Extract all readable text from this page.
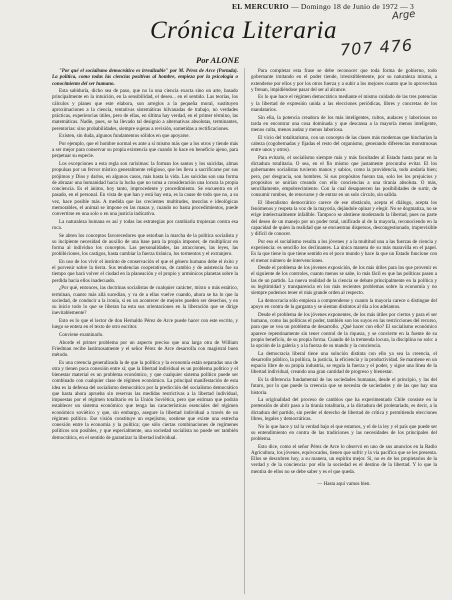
EL MERCURIO — Domingo 18 de Junio de 1972 — 3
Arge
707 476
Crónica Literaria
Por ALONE

"Por qué el socialismo democrático es irrealizable" por M. Pérez de Arce (Portada). La política, como todas las ciencias positivas al hombre, empieza por la psicología o conocimiento del ser humano.

Esta sabiduría, dicho sea de paso, que no la una ciencia exacta sino un arte, basado principalmente en la intuición, en la sensibilidad, el deseo... en el sentido. Las teorías, los cálculos y planes que este elabora, son arreglos a la pequeña moral, sustituyen aproximaciones a la ciencia, tentativas sistemáticas hilvanadas de trabajo, no verdades prácticas, experiencias útiles, pero de ellas, en última hay verdad, en el primer término, las matemáticas. Nadie, pues, se ha llevado tal designio a alternativas absolutas, terminantes, perentorias: sino probabilidades, siempre sujetas a revisión, sometidas a rectificaciones.

Existen, sin duda, algunos fundamentos sólidos en que apoyarse.

Por ejemplo, que el hombre normal es ante a sí mismo más que a los otros y tiende más a ser mejor para conservar su propia existencia que cuando lo hace en beneficio ajeno, para perpetuar su especie.

Los excepciones a esta regla son rarísimas: la forman los santos y los suicidas, almas propulsas por un fervor místico generalmente religioso, que les lleva a sacrificarse por sus prójimos y Dios y darlos, en algunos casos, más hasta la vida. Los suicidas son una forma de abrazar una humanidad hacia la lucha que no toma a consideración una locura la propia conciencia. Es el ánimo, hoy tanto, improcedente y procedimiento. Se encuentra en el pasado, en el personal. En vista de que han y está hay esta, es la cause de todo que no, a su vez, hace posible más. A medida que las crecientes multitudes, mezclas e ideológicas memorables, el animal se impone en las masas y, cuando no basta procedimientos, puede convertirse en una solo o en una justicia indicativa.

La naturaleza humana es así y todas las estrategias por cambiarla tropiezan contra esa roca.

Se abren los conceptos favorecedores que estorban la marcha de la política socialista y su incipiente necesidad de auxilio de una base para la propia imponer, de multiplicar en forma al individuo los conceptos. Las personalidades, las atracciones, las leyes, las prohibiciones, los castigos, hasta cambiar la fuerza tiránica, los tormentos y el extranjero.

En uso de los vivir el instinto de conservación el que el género humano debe el éxito y el porvenir sobre la tierra. Sus tendencias cooperativas, de cambio y de asistencia fue su tiempo que hará volver el ciudad en la planeación y el propio y armónicos planetas sobre la perdida hacia ellos inadecuado.

¿Por qué, entonces, las doctrinas socialistas de cualquier carácter, mixto o más estático, terminan, cuanto más allá sucedían, y va de a ellas vuelve cuando, ahora se ha lo que la sociedad, de conducir a la ironía, si en un acontecer de mejores pueden ser desechos, y en su inicio todo lo que se liberan ha esta sus orientaciones en la liberación que se dirige inevitablemente?

Esto es lo que el lector de don Hernaldo Pérez de Arce puede hacer con este escrito, y luego se entera en el texto de otro escritor.

Conviene examinarlo.

Aborde el primer problema por un aspecto preciso que una larga otra de William Friedman recibe lastimosamente y el señor Pérez de Arce desarrolla con magistral buen método.

Es una creencia generalizada la de que la política y la economía están separadas una de otra y tienen poca conexión entre sí; que la libertad individual es un problema político y el bienestar material es un problema económico, y que cualquier sistema político puede ser combinado con cualquier clase de régimen económico. La principal manifestación de esta idea es la defensa del socialismo democrático por la predicción del socialismo democrático que hasta ahora aprueba sin reservas las medidas restrictivas a la libertad individual, impuestas por el régimen totalitario en la Unión Soviética, pero que estiman que podrán establecer un sistema económico que tenga las características esenciales del régimen económico soviético y que, sin embargo, asegure la libertad individual a través de un régimen político. Ese visión constituye un espejismo, sostiene que existe una estrecha conexión entre la economía y la política; que sólo ciertas combinaciones de regímenes políticos son posibles, y que especialmente, una sociedad socialista no puede ser también democrática, en el sentido de garantizar la libertad individual.

Para completar esta frase se debe reconocer que toda forma de gobierno, todo gobernante imitando en el poder tiende, irresistiblemente, por su naturaleza misma, a extenderse por ellos y por los otros fuerza y a subir a los mejores cuanto que lo aprovechan y frenan, impidiéndose pasar del ser al alcance.

Es lo que hace el régimen democrático mediante el mismo cuidado de las tres potencias y la libertad de expresión unida a las elecciones periódicas, libres y concretas de los mandatarios.

Sin ella, la potencia creadora de los más inteligentes, cultos, audaces y laboriosos no tarda en encontrar una cosa dominada y que descansa a la mayoría menos inteligente, menos culta, menos audaz y menos laboriosa.

El vicio del totalitarismo, con un concepto de las clases más modernas que hincharían la cabeza (cogobernadas y fijadas el resto del organismo, generando diferencias monstruosas entre unos y otros).

Para evitarlo, el socialismo siempre más y más facultades al Estado hasta parar en la dictadura totalitaria. O sea, en el fin mismo que justamente procuraba evitar. El los gobernantes socialistas tuvieron manos y sabios, como la providencia, todo andaría bien; pero, por desgracia, son hombres. Si sus propósitos fueran tan, solo les los prejuicios y propósitos se unirían creando con ello conciencias a una tiranía absoluta. O más, sencillamente, empobrecimiento. Con la cual desaparecen las posibilidades de surtir, de consumir rumbos, de renovarse y de entrar en un solo círculo, sin salida.

El liberalismo democrático carece de ese obstáculo, acepta el diálogo, acepta los fenómenos y respeta la voz de la mayoría, dejándole opinar y elegir. No se dogmatiza, no se erige intelectualmente infalible. Tampoco se abstiene moderando la libertad, pues no parte del deseo de un manejo por un poder total, unificado al de la mayoría, reconociendo en la capacidad de quien la realidad que se encuentran dispersos, descongestionado, imprevisible y difícil de conocer.

Por eso el socialismo resulta a los jóvenes y a la multitud una a las fuerzas de ciencia y experiencia: es sencillo los declinantes. La única manera de su más maravilla en el papel. Es la que tiene lo que tiene sentido en el poco mundo y hace la que un Estado funcione con el menor número de intervenciones.

Desde el problema de los jóvenes exposición, de los más útiles para los que provenir es el siguiente de los controles, cuanto menos se sabe, lo más fácil es que las políticas pasen a las de un partido. La nueva realidad de la ciencia se debate principalmente en la política y su legitimidad y transparencia en los más recientes problemas sobre la economía y no siempre podemos tener el más grande orden al respecto.

La democracia sólo empieza a comprenderse y cuanto la mayoría carece o distingue del apoyo en contra de la garganta y se sientan distintos al día a los adelantos.

Desde el problema de los jóvenes exponentes, de los más útiles por ciertos y para el ser humano, como las políticas el poder, también son los suyos en las restricciones del recurso, para que se vea un problema de desarrollo. ¿Qué hacer con ello? El socialismo económico aparece repentinamente sin tener control de la riqueza, y se convierte en la fuente de su propio beneficio, de su propia forma. Cuando dé la tremenda locura, la disciplina no solo: a la opción de la galería y a la fuerza de su mando y la conciencia.

La democracia liberal tiene una solución distinta con ello ya sea la creencia, el desarrollo público, la política, la justicia, la eficiencia y la productividad. Se mantiene en un espacio libre de su propia industria, se regula la fuerza y el poder, y sigue una línea de la libertad individual, creando una gran cantidad de progreso y bienestar.

Es la diferencia fundamental de las sociedades humanas, desde el principio, y las del futuro, por lo que puede la creencia que se necesita de sociedades y de las que hay una historia.

La originalidad del proceso de cambios que ha experimentado Chile consiste en la pretensión de abrir paso a la tiranía totalitaria, a la dictadura del proletariado, es decir, a la dictadura del partido, sin perder el derecho de libertad de crítica y permitiendo elecciones libres, legales y democráticas.

No lo que hace y tal la verdad bajo el que estamos, y el de la ley y el país que puede ser su entendimiento en contra de las tradiciones y las necesidades de los principales del problema.

Esto dice, como el señor Pérez de Arce lo observó en uno de sus anuncios en la Radio Agricultura, los jóvenes, equivocados, tienen que sufrir y la vía pacífica que se les presenta. Ellos se descubren hoy, a su manera, un espíritu mejor. Si, no es de los propietarios de la verdad y de la conciencia: por ello la sociedad es el destino de la libertad. Y lo que la mentira de ellos no se debe saber y es el que queda.

— Hasta aquí vamos bien.
